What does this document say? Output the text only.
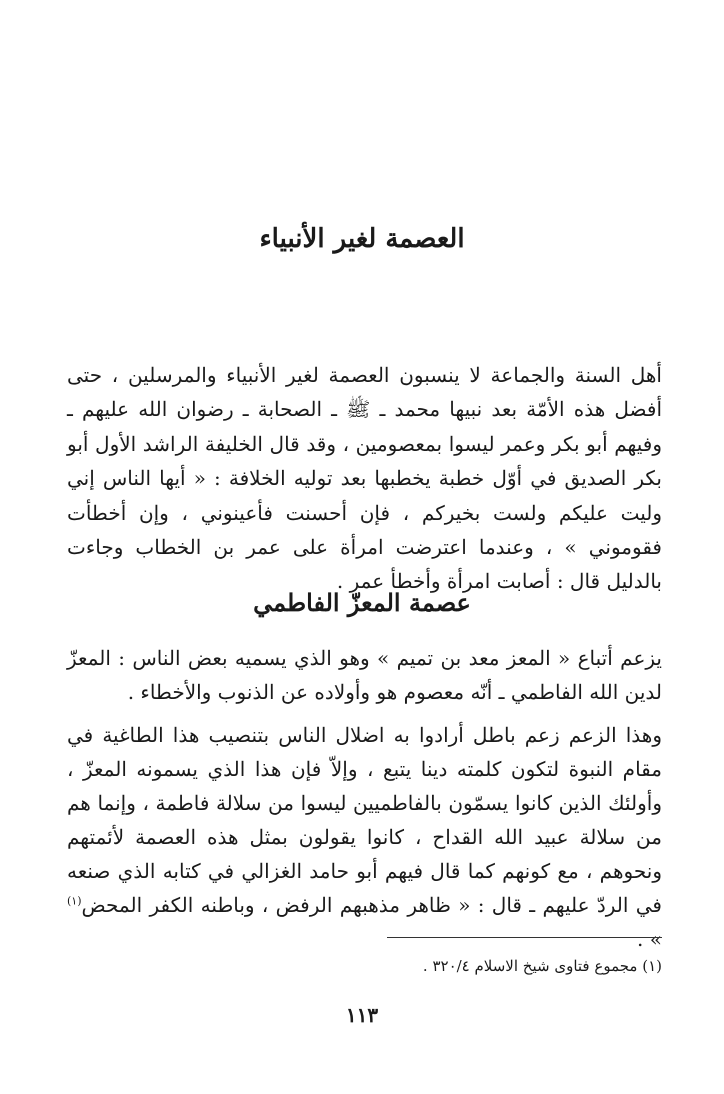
العصمة لغير الأنبياء

أهل السنة والجماعة لا ينسبون العصمة لغير الأنبياء والمرسلين ، حتى أفضل هذه الأمّة بعد نبيها محمد ـ ﷺ ـ الصحابة ـ رضوان الله عليهم ـ وفيهم أبو بكر وعمر ليسوا بمعصومين ، وقد قال الخليفة الراشد الأول أبو بكر الصديق في أوّل خطبة يخطبها بعد توليه الخلافة : « أيها الناس إني وليت عليكم ولست بخيركم ، فإن أحسنت فأعينوني ، وإن أخطأت فقوموني » ، وعندما اعترضت امرأة على عمر بن الخطاب وجاءت بالدليل قال : أصابت امرأة وأخطأ عمر .

عصمة المعزّ الفاطمي

يزعم أتباع « المعز معد بن تميم » وهو الذي يسميه بعض الناس : المعزّ لدين الله الفاطمي ـ أنّه معصوم هو وأولاده عن الذنوب والأخطاء .

وهذا الزعم زعم باطل أرادوا به اضلال الناس بتنصيب هذا الطاغية في مقام النبوة لتكون كلمته دينا يتبع ، وإلاّ فإن هذا الذي يسمونه المعزّ ، وأولئك الذين كانوا يسمّون بالفاطميين ليسوا من سلالة فاطمة ، وإنما هم من سلالة عبيد الله القداح ، كانوا يقولون بمثل هذه العصمة لأئمتهم ونحوهم ، مع كونهم كما قال فيهم أبو حامد الغزالي في كتابه الذي صنعه في الردّ عليهم ـ قال : « ظاهر مذهبهم الرفض ، وباطنه الكفر المحض$^{(١)}$ » .

(١) مجموع فتاوى شيخ الاسلام ٣٢٠/٤ .

١١٣
